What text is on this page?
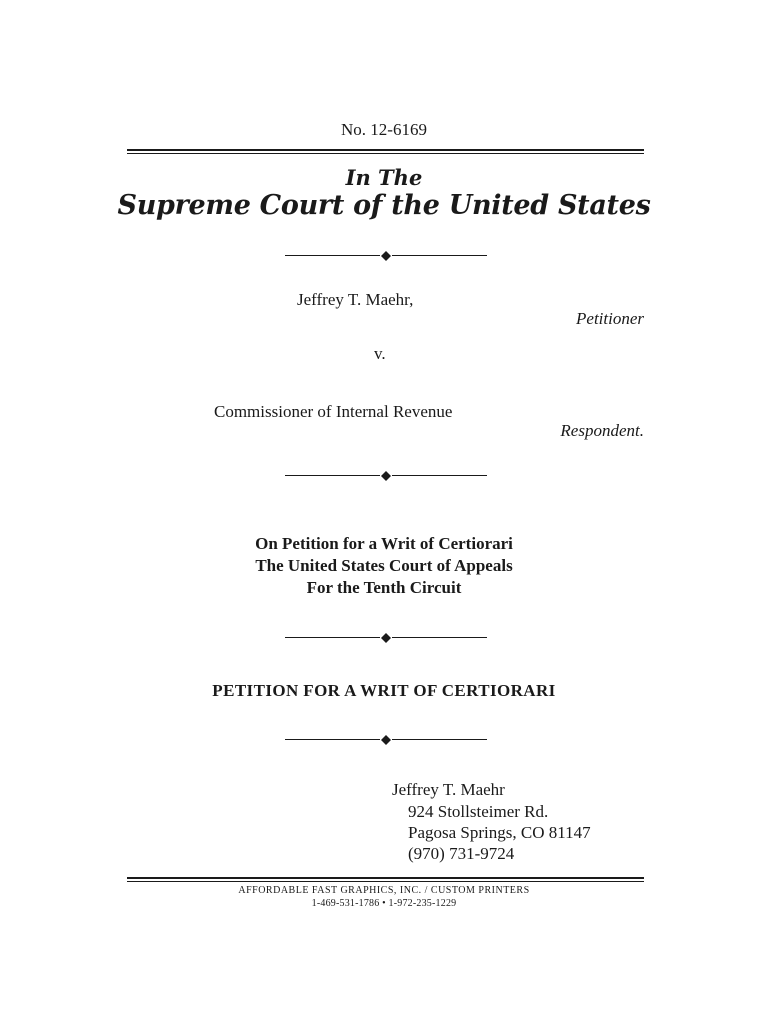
No. 12-6169
In The
Supreme Court of the United States
Jeffrey T. Maehr,
Petitioner
v.
Commissioner of Internal Revenue
Respondent.
On Petition for a Writ of Certiorari
The United States Court of Appeals
For the Tenth Circuit
PETITION FOR A WRIT OF CERTIORARI
Jeffrey T. Maehr
924 Stollsteimer Rd.
Pagosa Springs, CO 81147
(970) 731-9724
AFFORDABLE FAST GRAPHICS, INC. / CUSTOM PRINTERS
1-469-531-1786 • 1-972-235-1229
